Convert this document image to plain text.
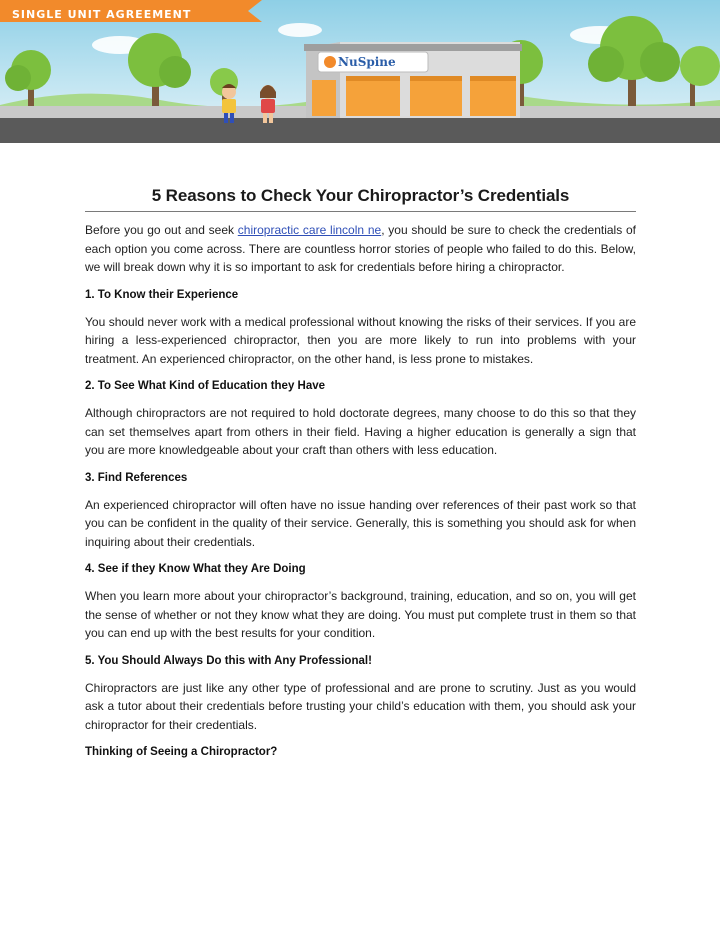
SINGLE UNIT AGREEMENT
NuSpine
5 Reasons to Check Your Chiropractor’s Credentials

Before you go out and seek chiropractic care lincoln ne, you should be sure to check the credentials of each option you come across. There are countless horror stories of people who failed to do this. Below, we will break down why it is so important to ask for credentials before hiring a chiropractor.

1. To Know their Experience

You should never work with a medical professional without knowing the risks of their services. If you are hiring a less-experienced chiropractor, then you are more likely to run into problems with your treatment. An experienced chiropractor, on the other hand, is less prone to mistakes.

2. To See What Kind of Education they Have

Although chiropractors are not required to hold doctorate degrees, many choose to do this so that they can set themselves apart from others in their field. Having a higher education is generally a sign that you are more knowledgeable about your craft than others with less education.

3. Find References

An experienced chiropractor will often have no issue handing over references of their past work so that you can be confident in the quality of their service. Generally, this is something you should ask for when inquiring about their credentials.

4. See if they Know What they Are Doing

When you learn more about your chiropractor’s background, training, education, and so on, you will get the sense of whether or not they know what they are doing. You must put complete trust in them so that you can end up with the best results for your condition.

5. You Should Always Do this with Any Professional!

Chiropractors are just like any other type of professional and are prone to scrutiny. Just as you would ask a tutor about their credentials before trusting your child’s education with them, you should ask your chiropractor for their credentials.

Thinking of Seeing a Chiropractor?
